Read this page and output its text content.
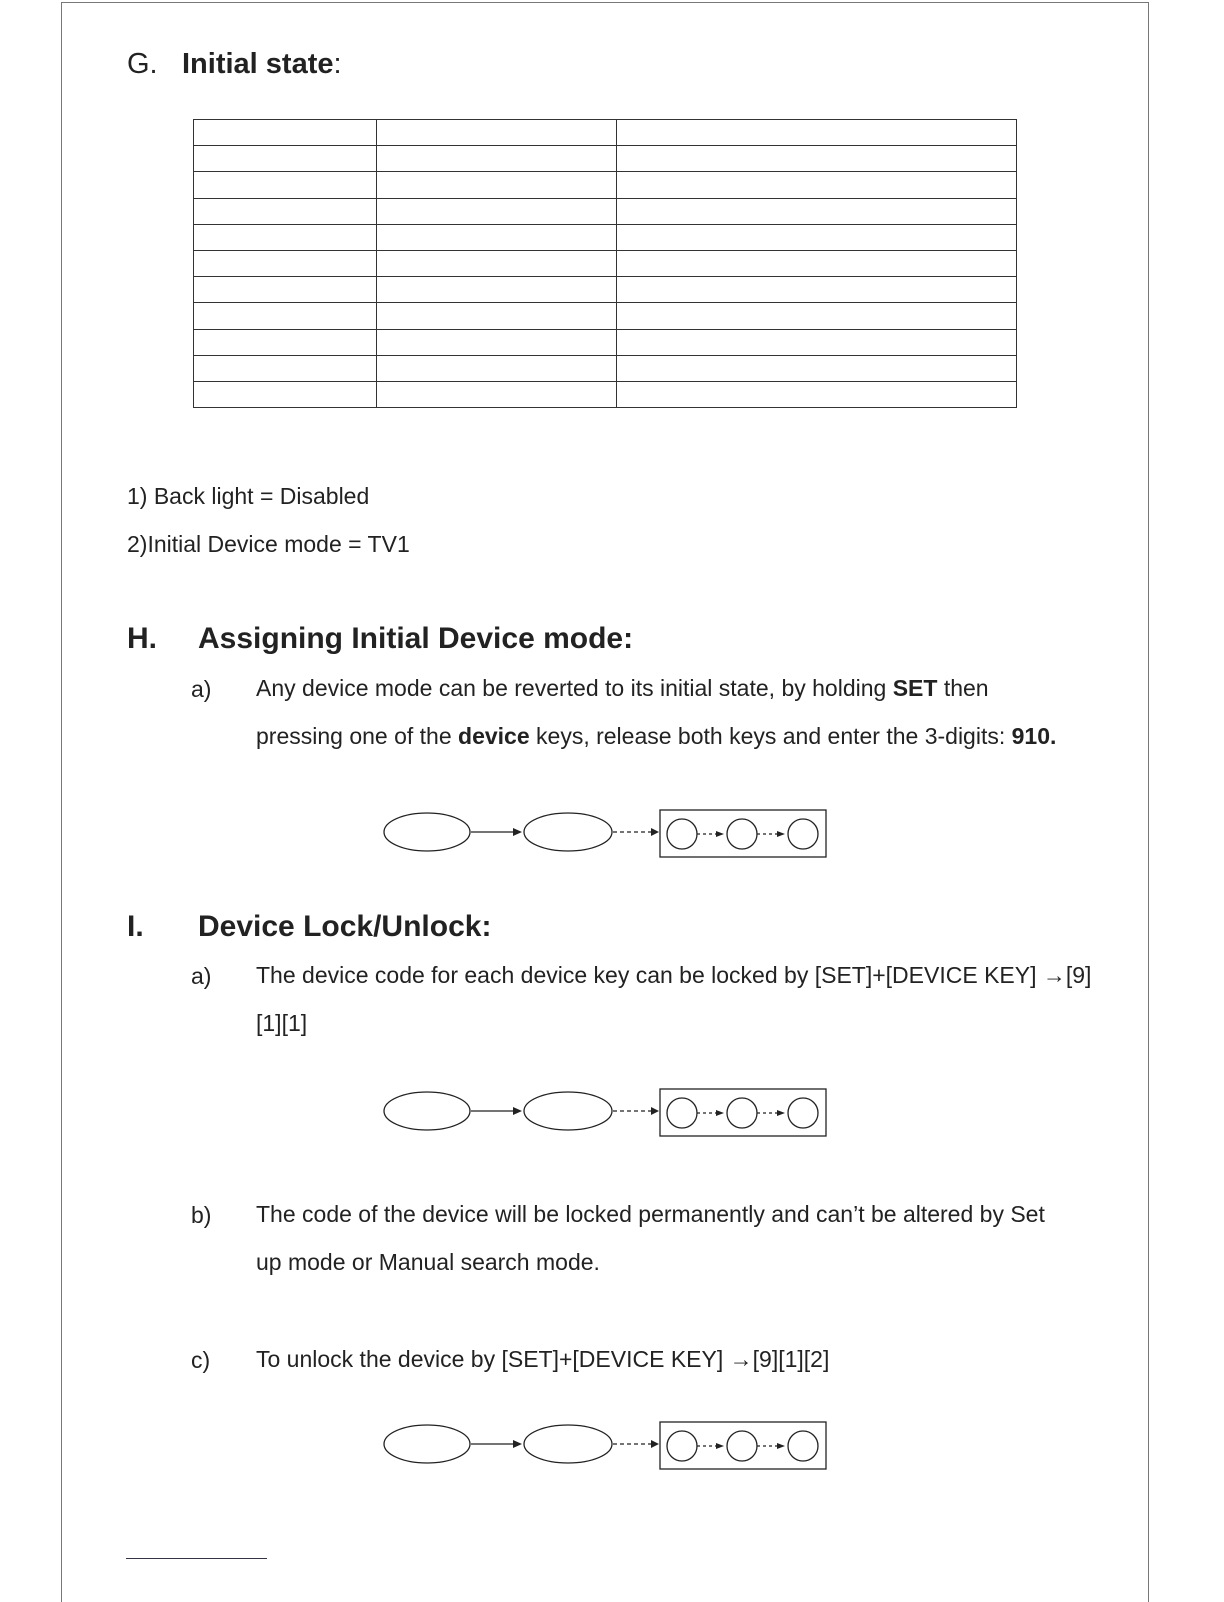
G. Initial state:

1) Back light = Disabled

2)Initial Device mode = TV1

H. Assigning Initial Device mode:

a) Any device mode can be reverted to its initial state, by holding SET then pressing one of the device keys, release both keys and enter the 3-digits: 910.

I. Device Lock/Unlock:

a) The device code for each device key can be locked by [SET]+[DEVICE KEY] →[9][1][1]

b) The code of the device will be locked permanently and can’t be altered by Set up mode or Manual search mode.

c) To unlock the device by [SET]+[DEVICE KEY] →[9][1][2]
